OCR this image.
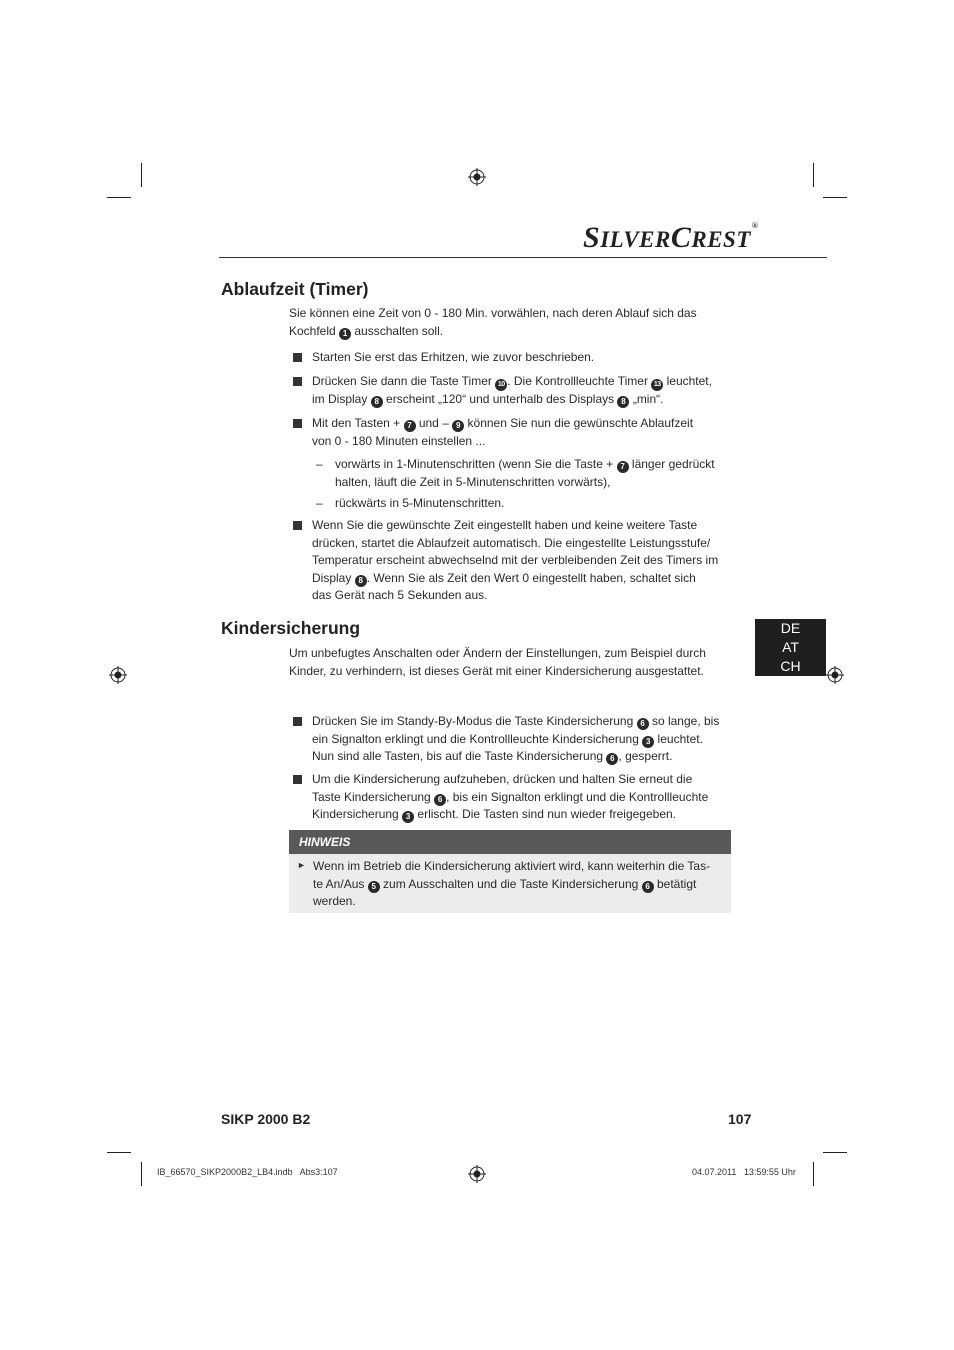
SILVERCREST®
Ablaufzeit (Timer)
Sie können eine Zeit von 0 - 180 Min. vorwählen, nach deren Ablauf sich das
Kochfeld 1 ausschalten soll.
Starten Sie erst das Erhitzen, wie zuvor beschrieben.
Drücken Sie dann die Taste Timer 10 . Die Kontrollleuchte Timer 13 leuchtet,
im Display 8 erscheint „120“ und unterhalb des Displays 8 „min“.
Mit den Tasten + 7 und – 9 können Sie nun die gewünschte Ablaufzeit
von 0 - 180 Minuten einstellen ...
– vorwärts in 1-Minutenschritten (wenn Sie die Taste + 7 länger gedrückt
halten, läuft die Zeit in 5-Minutenschritten vorwärts),
– rückwärts in 5-Minutenschritten.
Wenn Sie die gewünschte Zeit eingestellt haben und keine weitere Taste
drücken, startet die Ablaufzeit automatisch. Die eingestellte Leistungsstufe/
Temperatur erscheint abwechselnd mit der verbleibenden Zeit des Timers im
Display 8 . Wenn Sie als Zeit den Wert 0 eingestellt haben, schaltet sich
das Gerät nach 5 Sekunden aus.
Kindersicherung	DE
AT
CH
Um unbefugtes Anschalten oder Ändern der Einstellungen, zum Beispiel durch
Kinder, zu verhindern, ist dieses Gerät mit einer Kindersicherung ausgestattet.
Drücken Sie im Standy-By-Modus die Taste Kindersicherung 6 so lange, bis
ein Signalton erklingt und die Kontrollleuchte Kindersicherung 3 leuchtet.
Nun sind alle Tasten, bis auf die Taste Kindersicherung 6 , gesperrt.
Um die Kindersicherung aufzuheben, drücken und halten Sie erneut die
Taste Kindersicherung 6 , bis ein Signalton erklingt und die Kontrollleuchte
Kindersicherung 3 erlischt. Die Tasten sind nun wieder freigegeben.
HINWEIS
► Wenn im Betrieb die Kindersicherung aktiviert wird, kann weiterhin die Tas-
te An/Aus 5 zum Ausschalten und die Taste Kindersicherung 6 betätigt
werden.
SIKP 2000 B2	107
IB_66570_SIKP2000B2_LB4.indb   Abs3:107	04.07.2011   13:59:55 Uhr
